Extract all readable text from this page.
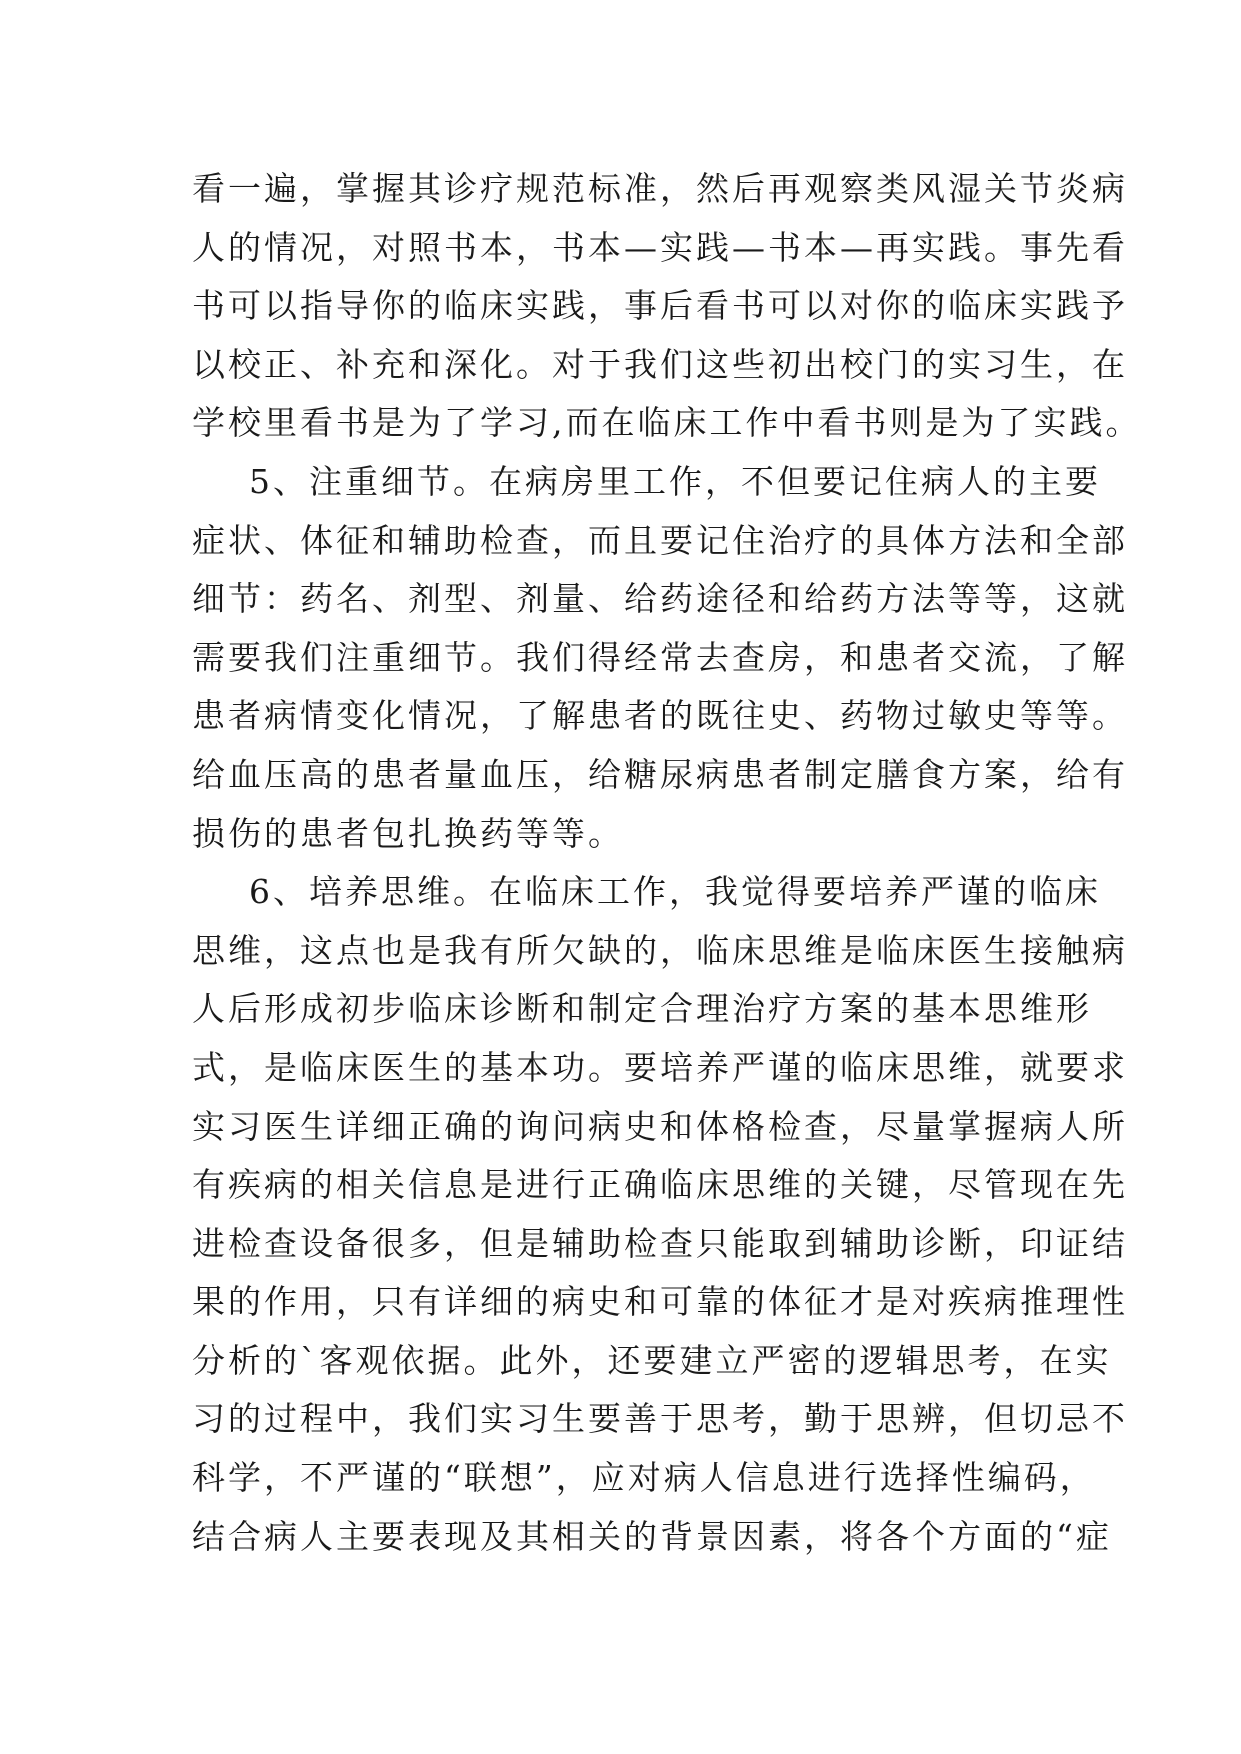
看一遍，掌握其诊疗规范标准，然后再观察类风湿关节炎病
人的情况，对照书本，书本—实践—书本—再实践。事先看
书可以指导你的临床实践，事后看书可以对你的临床实践予
以校正、补充和深化。对于我们这些初出校门的实习生，在
学校里看书是为了学习,而在临床工作中看书则是为了实践。
5、注重细节。在病房里工作，不但要记住病人的主要
症状、体征和辅助检查，而且要记住治疗的具体方法和全部
细节：药名、剂型、剂量、给药途径和给药方法等等，这就
需要我们注重细节。我们得经常去查房，和患者交流，了解
患者病情变化情况，了解患者的既往史、药物过敏史等等。
给血压高的患者量血压，给糖尿病患者制定膳食方案，给有
损伤的患者包扎换药等等。
6、培养思维。在临床工作，我觉得要培养严谨的临床
思维，这点也是我有所欠缺的，临床思维是临床医生接触病
人后形成初步临床诊断和制定合理治疗方案的基本思维形
式，是临床医生的基本功。要培养严谨的临床思维，就要求
实习医生详细正确的询问病史和体格检查，尽量掌握病人所
有疾病的相关信息是进行正确临床思维的关键，尽管现在先
进检查设备很多，但是辅助检查只能取到辅助诊断，印证结
果的作用，只有详细的病史和可靠的体征才是对疾病推理性
分析的`客观依据。此外，还要建立严密的逻辑思考，在实
习的过程中，我们实习生要善于思考，勤于思辨，但切忌不
科学，不严谨的“联想”，应对病人信息进行选择性编码，
结合病人主要表现及其相关的背景因素，将各个方面的“症
